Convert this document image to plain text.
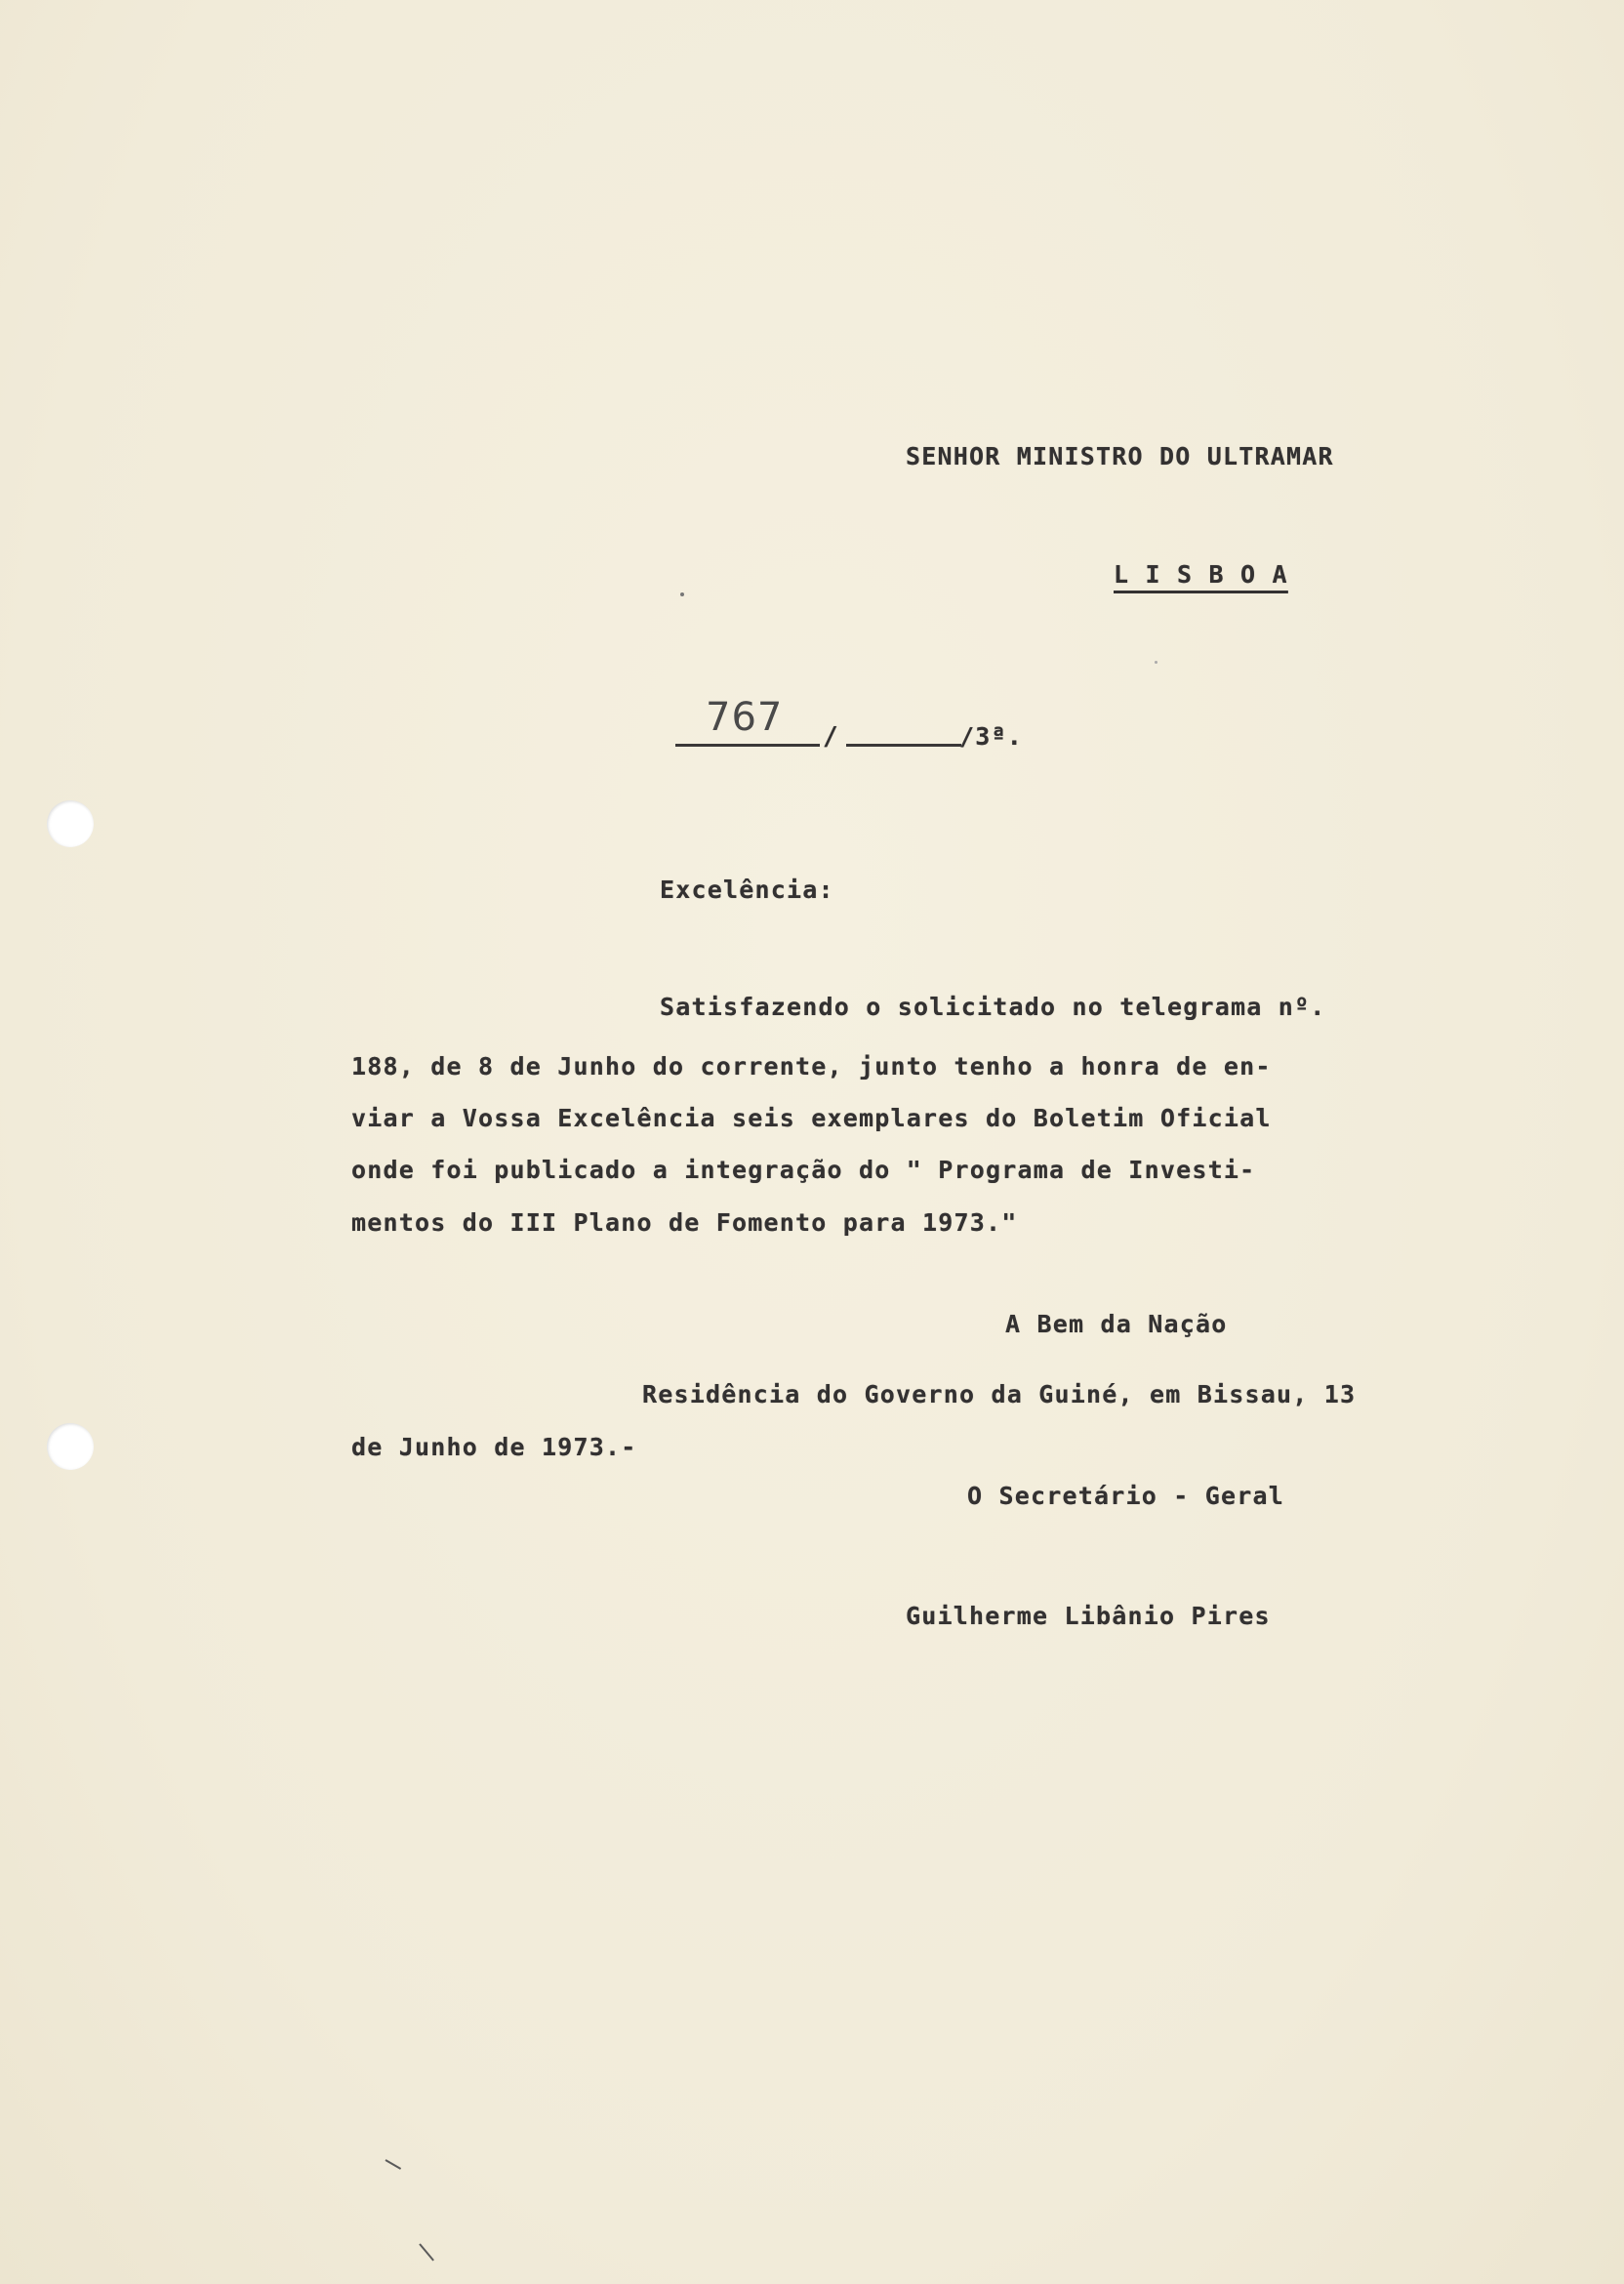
SENHOR MINISTRO DO ULTRAMAR
L I S B O A
767 /	/3ª.
Excelência:
Satisfazendo o solicitado no telegrama nº.
188, de 8 de Junho do corrente, junto tenho a honra de en-
viar a Vossa Excelência seis exemplares do Boletim Oficial
onde foi publicado a integração do " Programa de Investi-
mentos do III Plano de Fomento para 1973."
A Bem da Nação
Residência do Governo da Guiné, em Bissau, 13
de Junho de 1973.-
O Secretário - Geral
Guilherme Libânio Pires
